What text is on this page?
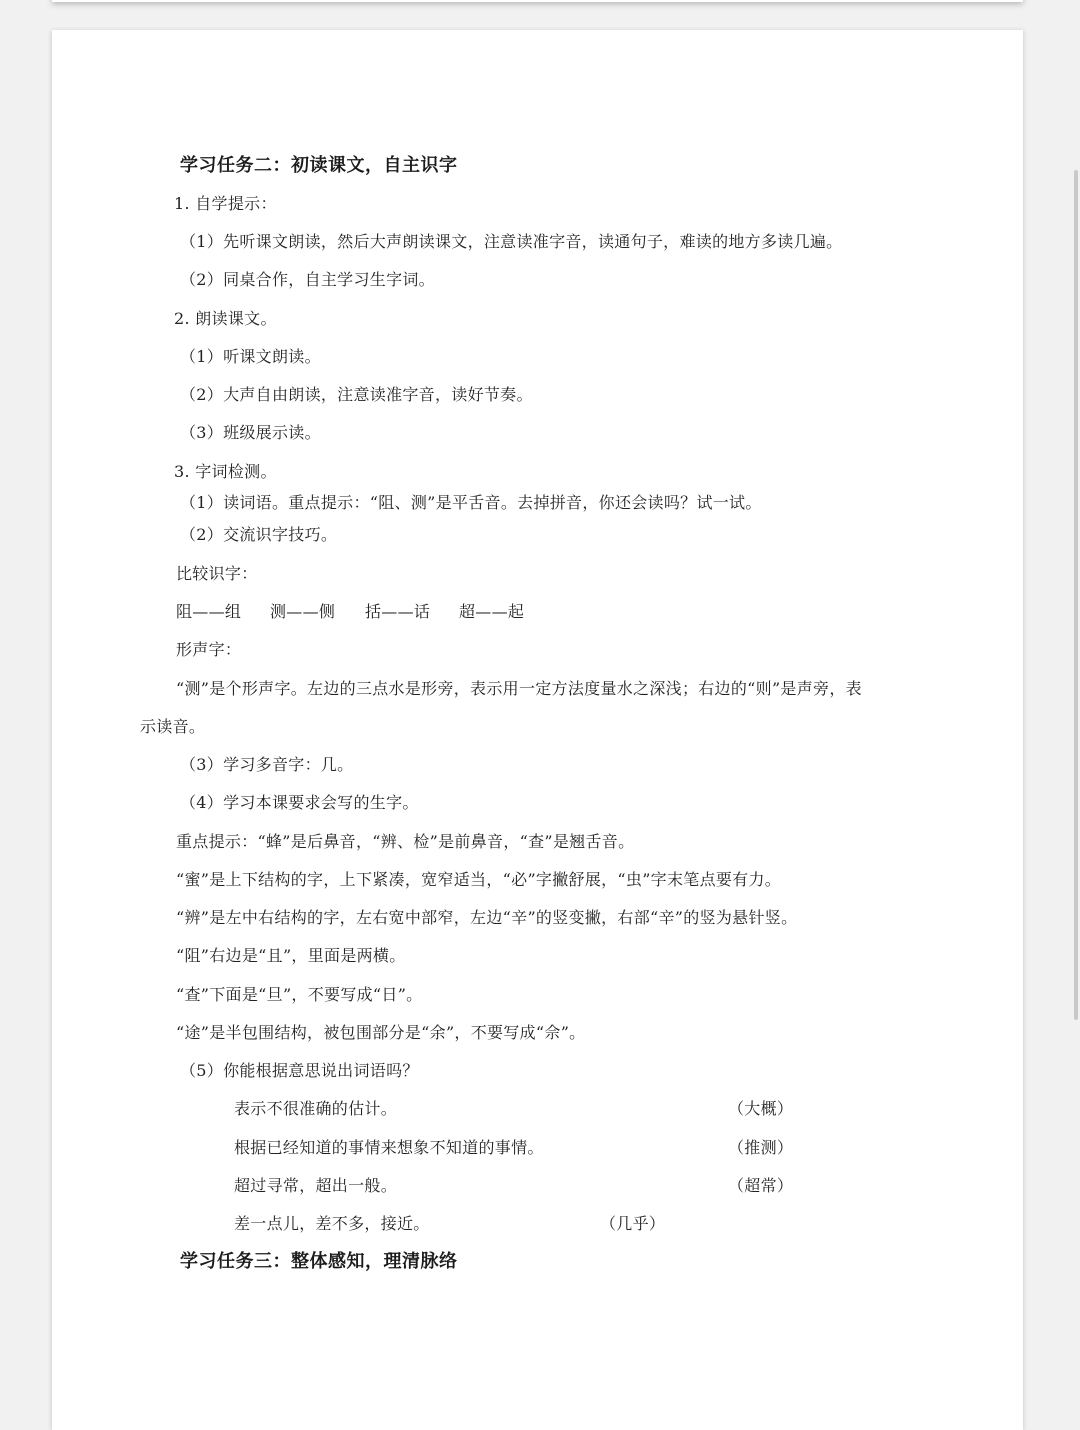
学习任务二：初读课文，自主识字
1. 自学提示：
（1）先听课文朗读，然后大声朗读课文，注意读准字音，读通句子，难读的地方多读几遍。
（2）同桌合作，自主学习生字词。
2. 朗读课文。
（1）听课文朗读。
（2）大声自由朗读，注意读准字音，读好节奏。
（3）班级展示读。
3. 字词检测。
（1）读词语。重点提示：“阻、测”是平舌音。去掉拼音，你还会读吗？试一试。
（2）交流识字技巧。
比较识字：
阻——组 测——侧 括——话 超——起
形声字：
“测”是个形声字。左边的三点水是形旁，表示用一定方法度量水之深浅；右边的“则”是声旁，表
示读音。
（3）学习多音字：几。
（4）学习本课要求会写的生字。
重点提示：“蜂”是后鼻音，“辨、检”是前鼻音，“查”是翘舌音。
“蜜”是上下结构的字，上下紧凑，宽窄适当，“必”字撇舒展，“虫”字末笔点要有力。
“辨”是左中右结构的字，左右宽中部窄，左边“辛”的竖变撇，右部“辛”的竖为悬针竖。
“阻”右边是“且”，里面是两横。
“查”下面是“旦”，不要写成“日”。
“途”是半包围结构，被包围部分是“余”，不要写成“佘”。
（5）你能根据意思说出词语吗？
表示不很准确的估计。	（大概）
根据已经知道的事情来想象不知道的事情。	（推测）
超过寻常，超出一般。	（超常）
差一点儿，差不多，接近。	（几乎）
学习任务三：整体感知，理清脉络
